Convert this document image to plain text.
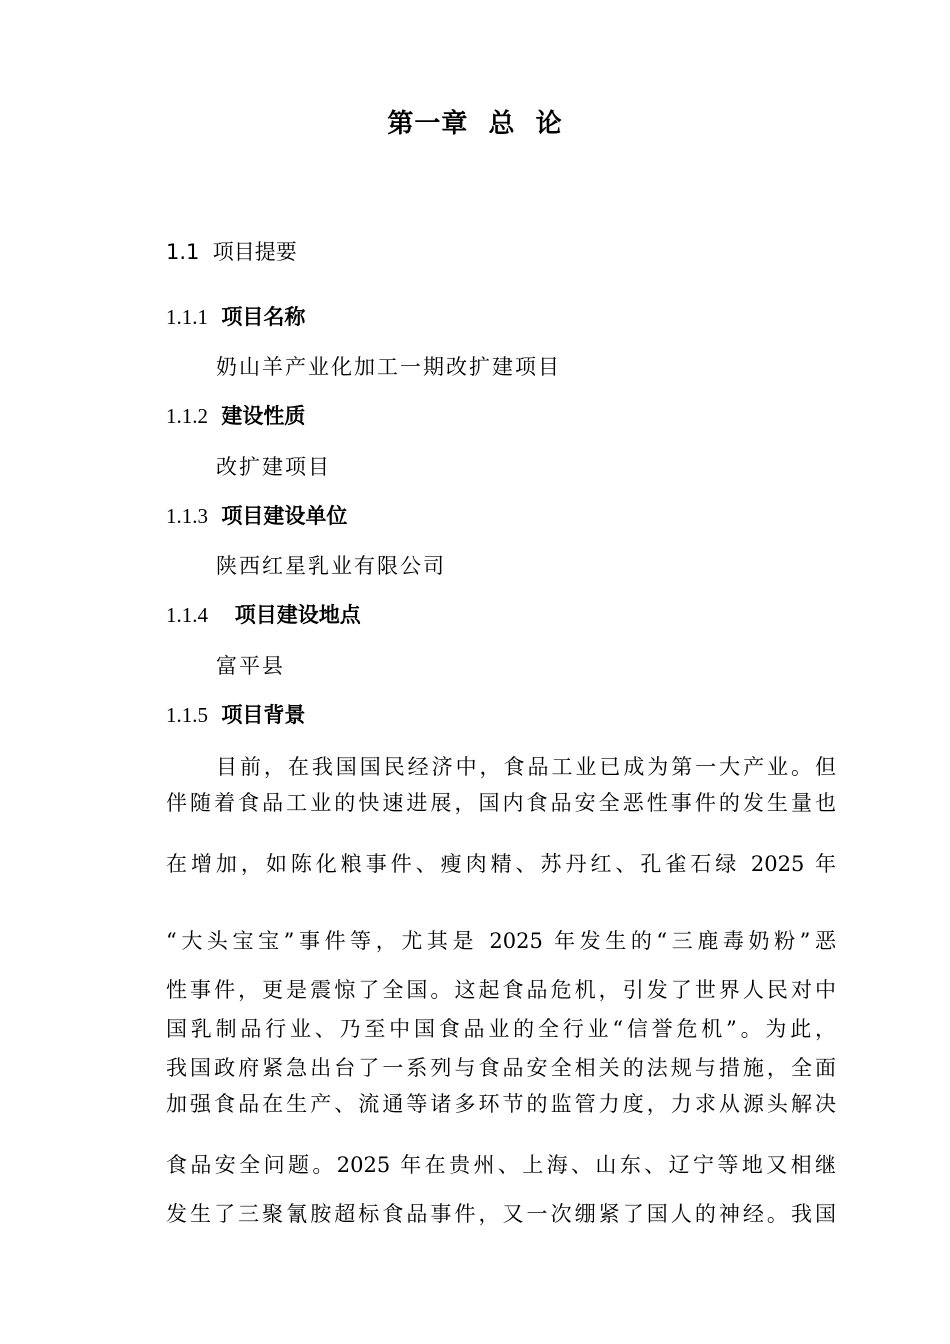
第一章  总  论
1.1 项目提要
1.1.1 项目名称
奶山羊产业化加工一期改扩建项目
1.1.2 建设性质
改扩建项目
1.1.3 项目建设单位
陕西红星乳业有限公司
1.1.4 项目建设地点
富平县
1.1.5 项目背景
目前，在我国国民经济中，食品工业已成为第一大产业。但
伴随着食品工业的快速进展，国内食品安全恶性事件的发生量也
在增加，如陈化粮事件、瘦肉精、苏丹红、孔雀石绿 2025 年
“大头宝宝”事件等，尤其是 2025 年发生的“三鹿毒奶粉”恶
性事件，更是震惊了全国。这起食品危机，引发了世界人民对中
国乳制品行业、乃至中国食品业的全行业“信誉危机”。为此，
我国政府紧急出台了一系列与食品安全相关的法规与措施，全面
加强食品在生产、流通等诸多环节的监管力度，力求从源头解决
食品安全问题。2025 年在贵州、上海、山东、辽宁等地又相继
发生了三聚氰胺超标食品事件，又一次绷紧了国人的神经。我国
